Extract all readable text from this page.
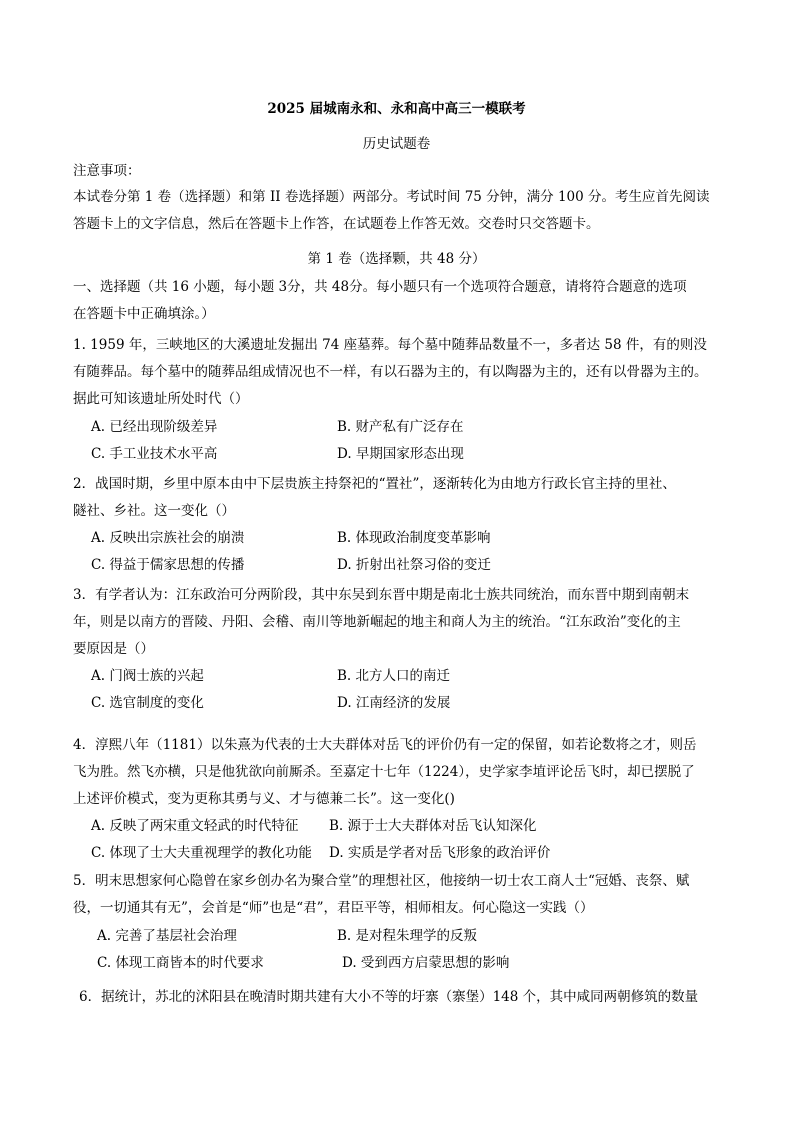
2025 届城南永和、永和高中高三一模联考
历史试题卷
注意事项：
本试卷分第 1 卷（选择题）和第 II 卷选择题）两部分。考试时间 75 分钟，满分 100 分。考生应首先阅读
答题卡上的文字信息，然后在答题卡上作答，在试题卷上作答无效。交卷时只交答题卡。
第 1 卷（选择颗，共 48 分）
一、选择题（共 16 小题，每小题 3分，共 48分。每小题只有一个选项符合题意，请将符合题意的选项
在答题卡中正确填涂。）
1. 1959 年，三峡地区的大溪遗址发掘出 74 座墓葬。每个墓中随葬品数量不一，多者达 58 件，有的则没
有随葬品。每个墓中的随葬品组成情况也不一样，有以石器为主的，有以陶器为主的，还有以骨器为主的。
据此可知该遗址所处时代（）
A. 已经出现阶级差异	B. 财产私有广泛存在
C. 手工业技术水平高	D. 早期国家形态出现
2．战国时期，乡里中原本由中下层贵族主持祭祀的“置社”，逐渐转化为由地方行政长官主持的里社、
隧社、乡社。这一变化（）
A. 反映出宗族社会的崩溃	B. 体现政治制度变革影响
C. 得益于儒家思想的传播	D. 折射出社祭习俗的变迁
3．有学者认为：江东政治可分两阶段，其中东吴到东晋中期是南北士族共同统治，而东晋中期到南朝末
年，则是以南方的晋陵、丹阳、会稽、南川等地新崛起的地主和商人为主的统治。“江东政治”变化的主
要原因是（）
A. 门阀士族的兴起	B. 北方人口的南迁
C. 选官制度的变化	D. 江南经济的发展
4．淳熙八年（1181）以朱熹为代表的士大夫群体对岳飞的评价仍有一定的保留，如若论数将之才，则岳
飞为胜。然飞亦横，只是他犹欲向前厮杀。至嘉定十七年（1224），史学家李埴评论岳飞时，却已摆脱了
上述评价模式，变为更称其勇与义、才与德兼二长”。这一变化()
A. 反映了两宋重文轻武的时代特征 B. 源于士大夫群体对岳飞认知深化
C. 体现了士大夫重视理学的教化功能 D. 实质是学者对岳飞形象的政治评价
5．明末思想家何心隐曾在家乡创办名为聚合堂”的理想社区，他接纳一切士农工商人士“冠婚、丧祭、赋
役，一切通其有无”，会首是“师”也是“君”，君臣平等，相师相友。何心隐这一实践（）
A. 完善了基层社会治理	B. 是对程朱理学的反叛
C. 体现工商皆本的时代要求	D. 受到西方启蒙思想的影响
6．据统计，苏北的沭阳县在晚清时期共建有大小不等的圩寨（寨堡）148 个，其中咸同两朝修筑的数量
